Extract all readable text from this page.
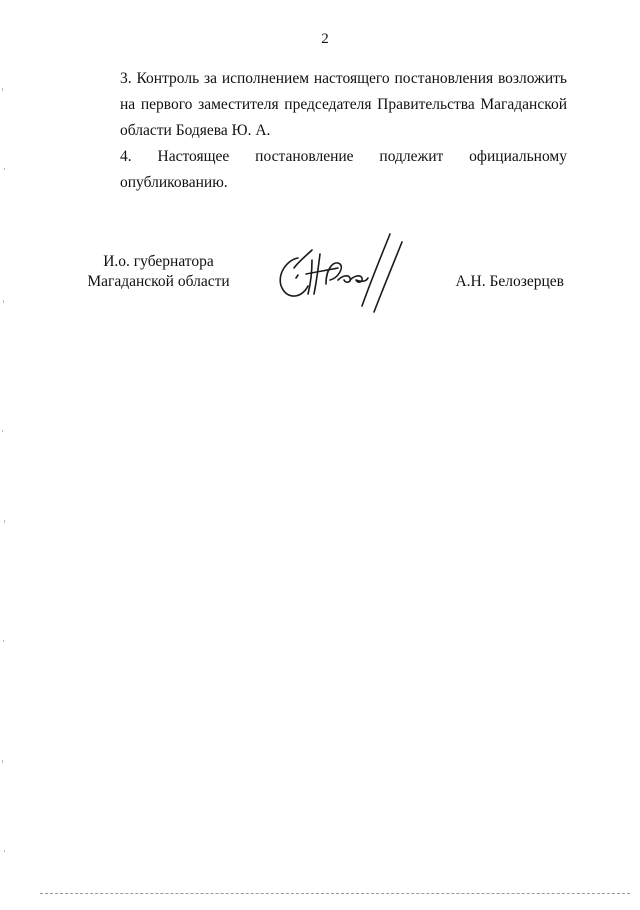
2

3. Контроль за исполнением настоящего постановления возложить
на первого заместителя председателя Правительства Магаданской
области Бодяева Ю. А.

4. Настоящее постановление подлежит официальному
опубликованию.

И.о. губернатора
Магаданской области	А.Н. Белозерцев
